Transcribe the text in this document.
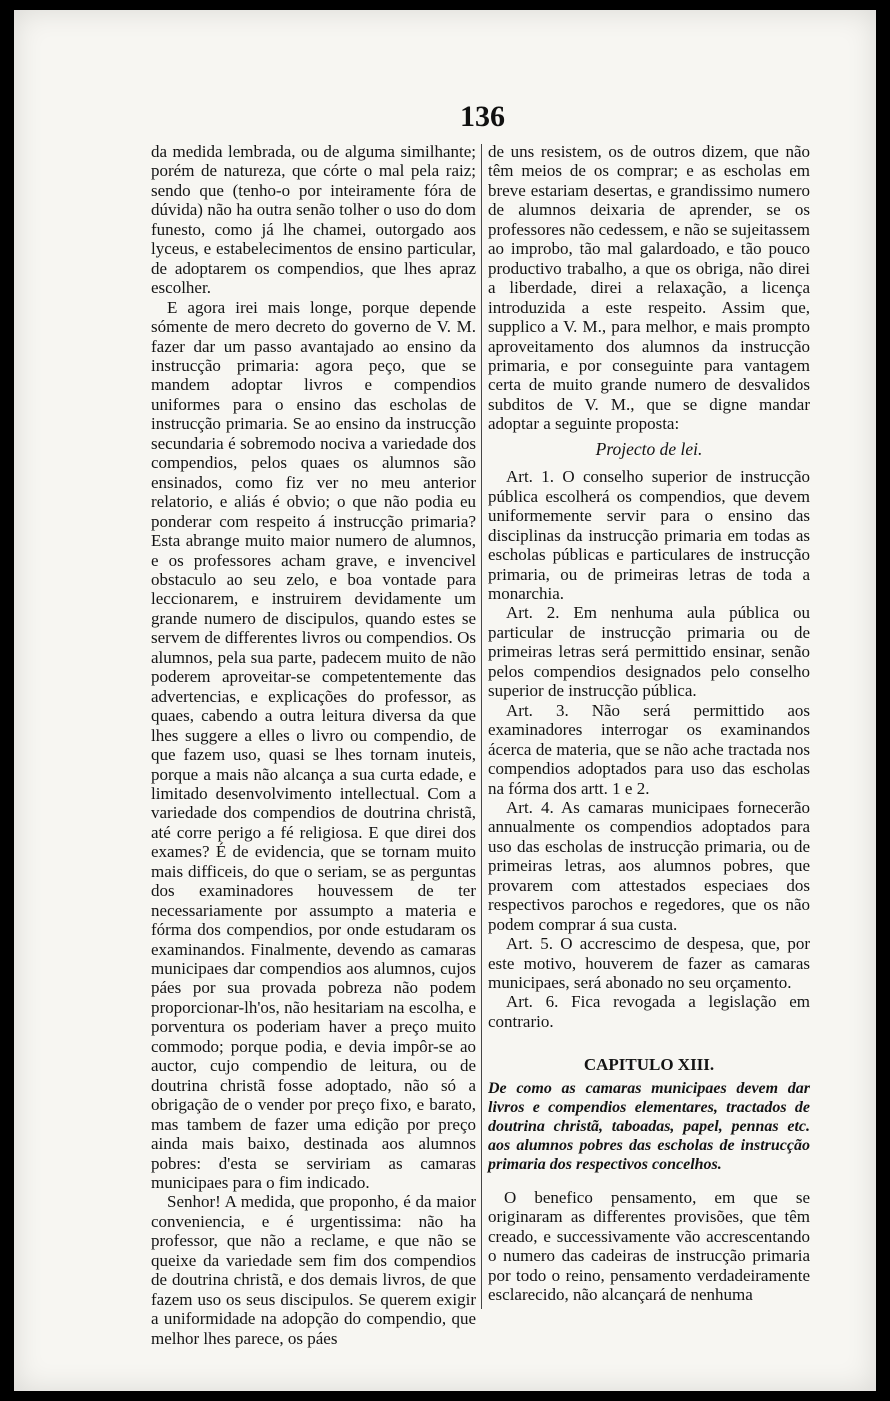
136

da medida lembrada, ou de alguma similhante; porém de natureza, que córte o mal pela raiz; sendo que (tenho-o por inteiramente fóra de dúvida) não ha outra senão tolher o uso do dom funesto, como já lhe chamei, outorgado aos lyceus, e estabelecimentos de ensino particular, de adoptarem os compendios, que lhes apraz escolher.

E agora irei mais longe, porque depende sómente de mero decreto do governo de V. M. fazer dar um passo avantajado ao ensino da instrucção primaria: agora peço, que se mandem adoptar livros e compendios uniformes para o ensino das escholas de instrucção primaria. Se ao ensino da instrucção secundaria é sobremodo nociva a variedade dos compendios, pelos quaes os alumnos são ensinados, como fiz ver no meu anterior relatorio, e aliás é obvio; o que não podia eu ponderar com respeito á instrucção primaria? Esta abrange muito maior numero de alumnos, e os professores acham grave, e invencivel obstaculo ao seu zelo, e boa vontade para leccionarem, e instruirem devidamente um grande numero de discipulos, quando estes se servem de differentes livros ou compendios. Os alumnos, pela sua parte, padecem muito de não poderem aproveitar-se competentemente das advertencias, e explicações do professor, as quaes, cabendo a outra leitura diversa da que lhes suggere a elles o livro ou compendio, de que fazem uso, quasi se lhes tornam inuteis, porque a mais não alcança a sua curta edade, e limitado desenvolvimento intellectual. Com a variedade dos compendios de doutrina christã, até corre perigo a fé religiosa. E que direi dos exames? É de evidencia, que se tornam muito mais difficeis, do que o seriam, se as perguntas dos examinadores houvessem de ter necessariamente por assumpto a materia e fórma dos compendios, por onde estudaram os examinandos. Finalmente, devendo as camaras municipaes dar compendios aos alumnos, cujos páes por sua provada pobreza não podem proporcionar-lh'os, não hesitariam na escolha, e porventura os poderiam haver a preço muito commodo; porque podia, e devia impôr-se ao auctor, cujo compendio de leitura, ou de doutrina christã fosse adoptado, não só a obrigação de o vender por preço fixo, e barato, mas tambem de fazer uma edição por preço ainda mais baixo, destinada aos alumnos pobres: d'esta se serviriam as camaras municipaes para o fim indicado.

Senhor! A medida, que proponho, é da maior conveniencia, e é urgentissima: não ha professor, que não a reclame, e que não se queixe da variedade sem fim dos compendios de doutrina christã, e dos demais livros, de que fazem uso os seus discipulos. Se querem exigir a uniformidade na adopção do compendio, que melhor lhes parece, os páes

de uns resistem, os de outros dizem, que não têm meios de os comprar; e as escholas em breve estariam desertas, e grandissimo numero de alumnos deixaria de aprender, se os professores não cedessem, e não se sujeitassem ao improbo, tão mal galardoado, e tão pouco productivo trabalho, a que os obriga, não direi a liberdade, direi a relaxação, a licença introduzida a este respeito. Assim que, supplico a V. M., para melhor, e mais prompto aproveitamento dos alumnos da instrucção primaria, e por conseguinte para vantagem certa de muito grande numero de desvalidos subditos de V. M., que se digne mandar adoptar a seguinte proposta:

Projecto de lei.

Art. 1. O conselho superior de instrucção pública escolherá os compendios, que devem uniformemente servir para o ensino das disciplinas da instrucção primaria em todas as escholas públicas e particulares de instrucção primaria, ou de primeiras letras de toda a monarchia.

Art. 2. Em nenhuma aula pública ou particular de instrucção primaria ou de primeiras letras será permittido ensinar, senão pelos compendios designados pelo conselho superior de instrucção pública.

Art. 3. Não será permittido aos examinadores interrogar os examinandos ácerca de materia, que se não ache tractada nos compendios adoptados para uso das escholas na fórma dos artt. 1 e 2.

Art. 4. As camaras municipaes fornecerão annualmente os compendios adoptados para uso das escholas de instrucção primaria, ou de primeiras letras, aos alumnos pobres, que provarem com attestados especiaes dos respectivos parochos e regedores, que os não podem comprar á sua custa.

Art. 5. O accrescimo de despesa, que, por este motivo, houverem de fazer as camaras municipaes, será abonado no seu orçamento.

Art. 6. Fica revogada a legislação em contrario.

CAPITULO XIII.

De como as camaras municipaes devem dar livros e compendios elementares, tractados de doutrina christã, taboadas, papel, pennas etc. aos alumnos pobres das escholas de instrucção primaria dos respectivos concelhos.

O benefico pensamento, em que se originaram as differentes provisões, que têm creado, e successivamente vão accrescentando o numero das cadeiras de instrucção primaria por todo o reino, pensamento verdadeiramente esclarecido, não alcançará de nenhuma
